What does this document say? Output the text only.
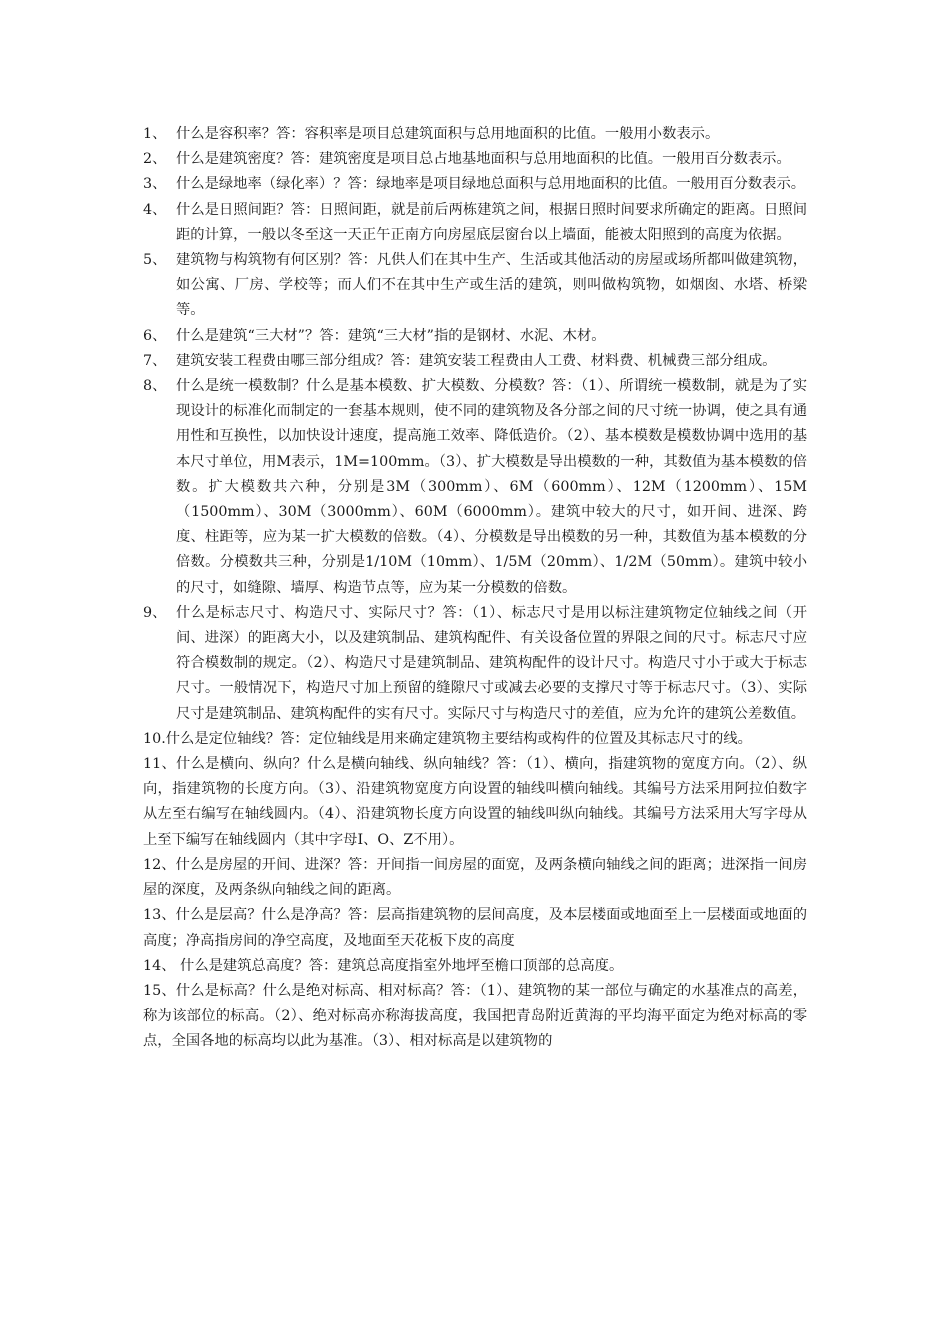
1、 什么是容积率？答：容积率是项目总建筑面积与总用地面积的比值。一般用小数表示。
2、 什么是建筑密度？答：建筑密度是项目总占地基地面积与总用地面积的比值。一般用百分数表示。
3、 什么是绿地率（绿化率）？答：绿地率是项目绿地总面积与总用地面积的比值。一般用百分数表示。
4、 什么是日照间距？答：日照间距，就是前后两栋建筑之间，根据日照时间要求所确定的距离。日照间距的计算，一般以冬至这一天正午正南方向房屋底层窗台以上墙面，能被太阳照到的高度为依据。
5、 建筑物与构筑物有何区别？答：凡供人们在其中生产、生活或其他活动的房屋或场所都叫做建筑物，如公寓、厂房、学校等；而人们不在其中生产或生活的建筑，则叫做构筑物，如烟囱、水塔、桥梁等。
6、 什么是建筑“三大材”？答：建筑“三大材”指的是钢材、水泥、木材。
7、 建筑安装工程费由哪三部分组成？答：建筑安装工程费由人工费、材料费、机械费三部分组成。
8、 什么是统一模数制？什么是基本模数、扩大模数、分模数？答：（1）、所谓统一模数制，就是为了实现设计的标准化而制定的一套基本规则，使不同的建筑物及各分部之间的尺寸统一协调，使之具有通用性和互换性，以加快设计速度，提高施工效率、降低造价。（2）、基本模数是模数协调中选用的基本尺寸单位，用M表示，1M=100mm。（3）、扩大模数是导出模数的一种，其数值为基本模数的倍数。扩大模数共六种，分别是3M（300mm）、6M（600mm）、12M（1200mm）、15M（1500mm）、30M（3000mm）、60M（6000mm）。建筑中较大的尺寸，如开间、进深、跨度、柱距等，应为某一扩大模数的倍数。（4）、分模数是导出模数的另一种，其数值为基本模数的分倍数。分模数共三种，分别是1/10M（10mm）、1/5M（20mm）、1/2M（50mm）。建筑中较小的尺寸，如缝隙、墙厚、构造节点等，应为某一分模数的倍数。
9、 什么是标志尺寸、构造尺寸、实际尺寸？答：（1）、标志尺寸是用以标注建筑物定位轴线之间（开间、进深）的距离大小，以及建筑制品、建筑构配件、有关设备位置的界限之间的尺寸。标志尺寸应符合模数制的规定。（2）、构造尺寸是建筑制品、建筑构配件的设计尺寸。构造尺寸小于或大于标志尺寸。一般情况下，构造尺寸加上预留的缝隙尺寸或减去必要的支撑尺寸等于标志尺寸。（3）、实际尺寸是建筑制品、建筑构配件的实有尺寸。实际尺寸与构造尺寸的差值，应为允许的建筑公差数值。
10.什么是定位轴线？答：定位轴线是用来确定建筑物主要结构或构件的位置及其标志尺寸的线。
11、什么是横向、纵向？什么是横向轴线、纵向轴线？答：（1）、横向，指建筑物的宽度方向。（2）、纵向，指建筑物的长度方向。（3）、沿建筑物宽度方向设置的轴线叫横向轴线。其编号方法采用阿拉伯数字从左至右编写在轴线圆内。（4）、沿建筑物长度方向设置的轴线叫纵向轴线。其编号方法采用大写字母从上至下编写在轴线圆内（其中字母I、O、Z不用）。
12、什么是房屋的开间、进深？答：开间指一间房屋的面宽，及两条横向轴线之间的距离；进深指一间房屋的深度，及两条纵向轴线之间的距离。
13、什么是层高？什么是净高？答：层高指建筑物的层间高度，及本层楼面或地面至上一层楼面或地面的高度；净高指房间的净空高度，及地面至天花板下皮的高度
14、 什么是建筑总高度？答：建筑总高度指室外地坪至檐口顶部的总高度。
15、什么是标高？什么是绝对标高、相对标高？答：（1）、建筑物的某一部位与确定的水基准点的高差，称为该部位的标高。（2）、绝对标高亦称海拔高度，我国把青岛附近黄海的平均海平面定为绝对标高的零点，全国各地的标高均以此为基准。（3）、相对标高是以建筑物的
